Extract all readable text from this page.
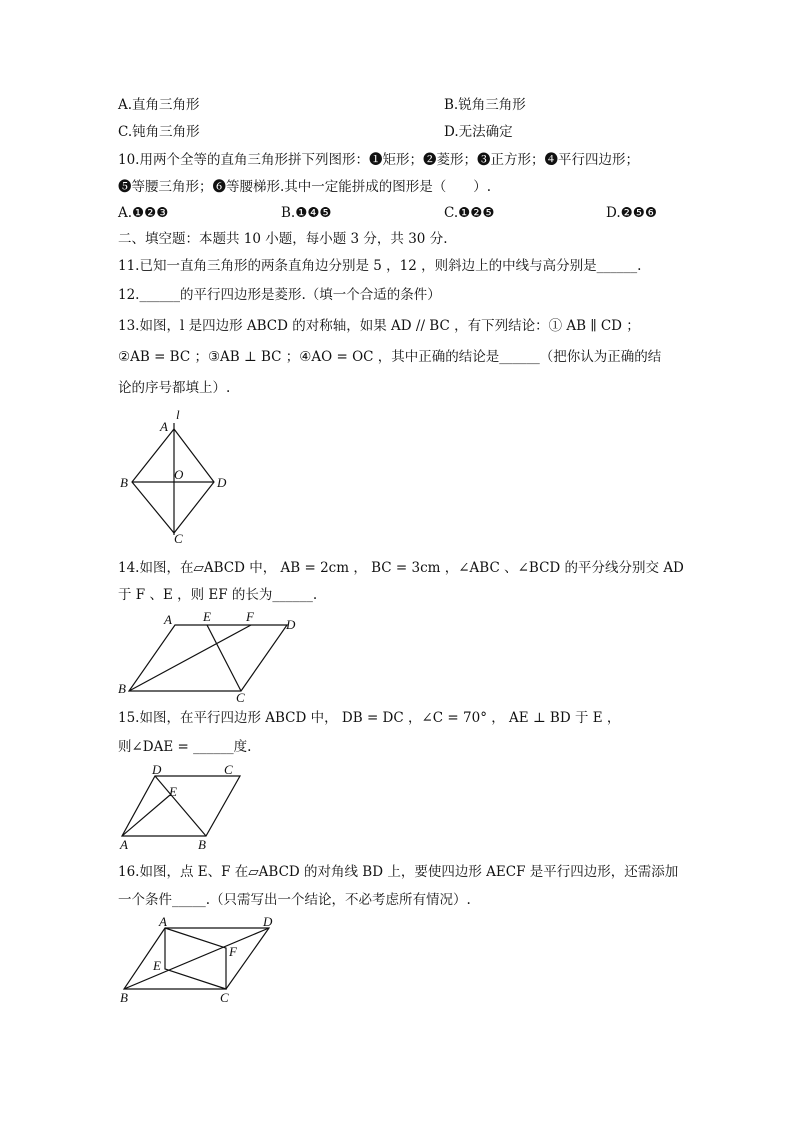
A.直角三角形	B.锐角三角形
C.钝角三角形	D.无法确定
10.用两个全等的直角三角形拼下列图形：❶矩形；❷菱形；❸正方形；❹平行四边形；
❺等腰三角形；❻等腰梯形.其中一定能拼成的图形是（　　）.
A.❶❷❸	B.❶❹❺	C.❶❷❺	D.❷❺❻
二、填空题：本题共 10 小题，每小题 3 分，共 30 分.
11.已知一直角三角形的两条直角边分别是 5 ，12 ，则斜边上的中线与高分别是______.
12.______的平行四边形是菱形.（填一个合适的条件）
13.如图，l 是四边形 ABCD 的对称轴，如果 AD // BC ，有下列结论：① AB ∥ CD ；
②AB = BC ；③AB ⊥ BC ；④AO = OC ，其中正确的结论是______（把你认为正确的结
论的序号都填上）.
l
A
B	D
O
C
14.如图，在▱ABCD 中， AB = 2cm ， BC = 3cm ，∠ABC 、∠BCD 的平分线分别交 AD
于 F 、E ，则 EF 的长为______.
A E	F
D
B
C
15.如图，在平行四边形 ABCD 中， DB = DC ，∠C = 70° ， AE ⊥ BD 于 E ，
则∠DAE = ______度.
D	C
E
A	B
16.如图，点 E、F 在▱ABCD 的对角线 BD 上，要使四边形 AECF 是平行四边形，还需添加
一个条件_____.（只需写出一个结论，不必考虑所有情况）.
A	D
E
F
B	C
